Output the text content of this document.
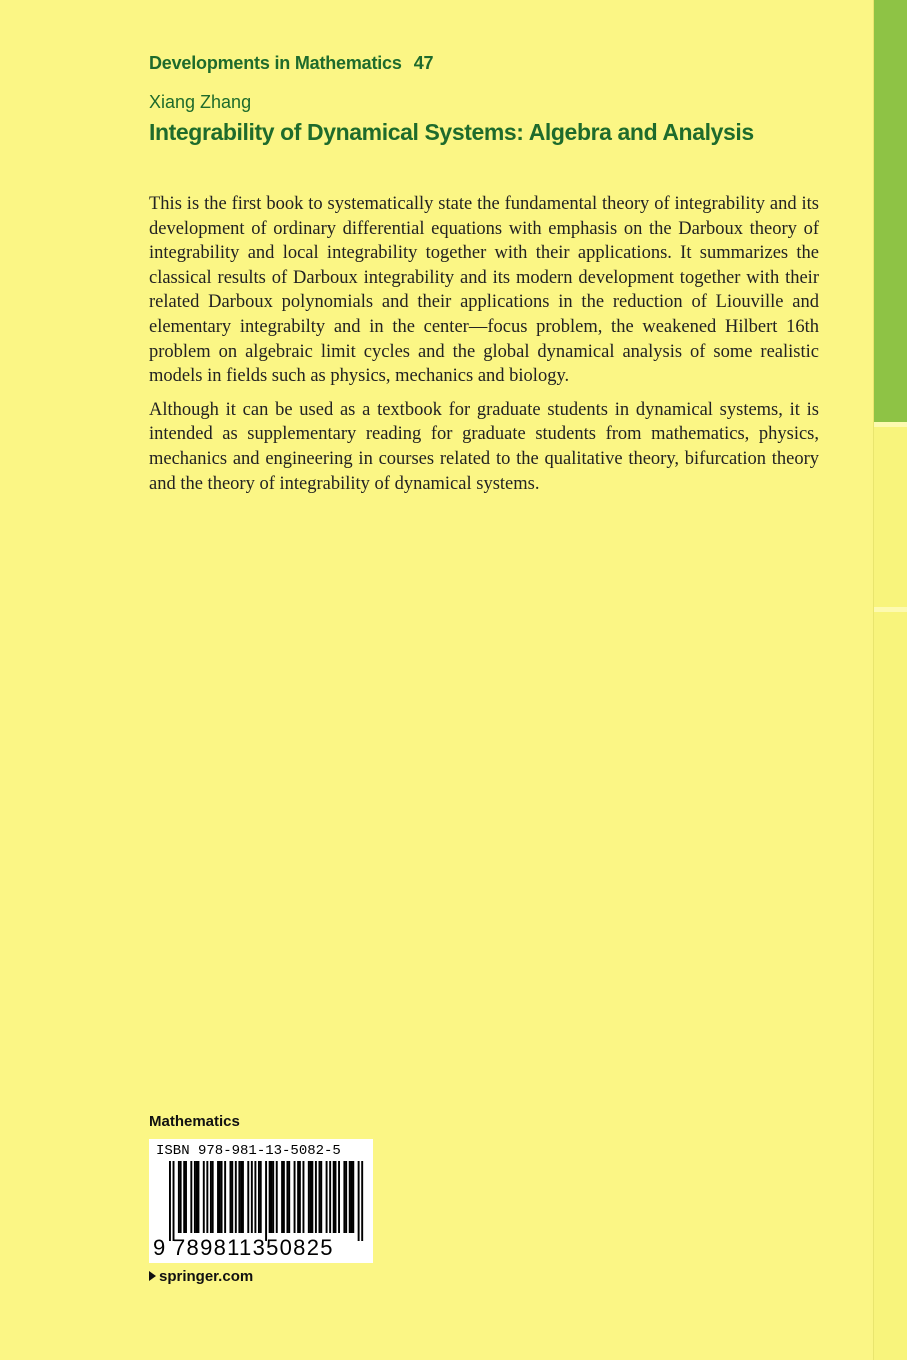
Developments in Mathematics 47
Xiang Zhang
Integrability of Dynamical Systems: Algebra and Analysis

This is the first book to systematically state the fundamental theory of integrability and its development of ordinary differential equations with emphasis on the Darboux theory of integrability and local integrability together with their applications. It summarizes the classical results of Darboux integrability and its modern development together with their related Darboux polynomials and their applications in the reduction of Liouville and elementary integrabilty and in the center—focus problem, the weakened Hilbert 16th problem on algebraic limit cycles and the global dynamical analysis of some realistic models in fields such as physics, mechanics and biology.

Although it can be used as a textbook for graduate students in dynamical systems, it is intended as supplementary reading for graduate students from mathematics, physics, mechanics and engineering in courses related to the qualitative theory, bifurcation theory and the theory of integrability of dynamical systems.

Mathematics
ISBN 978-981-13-5082-5
9 789811350825
springer.com
